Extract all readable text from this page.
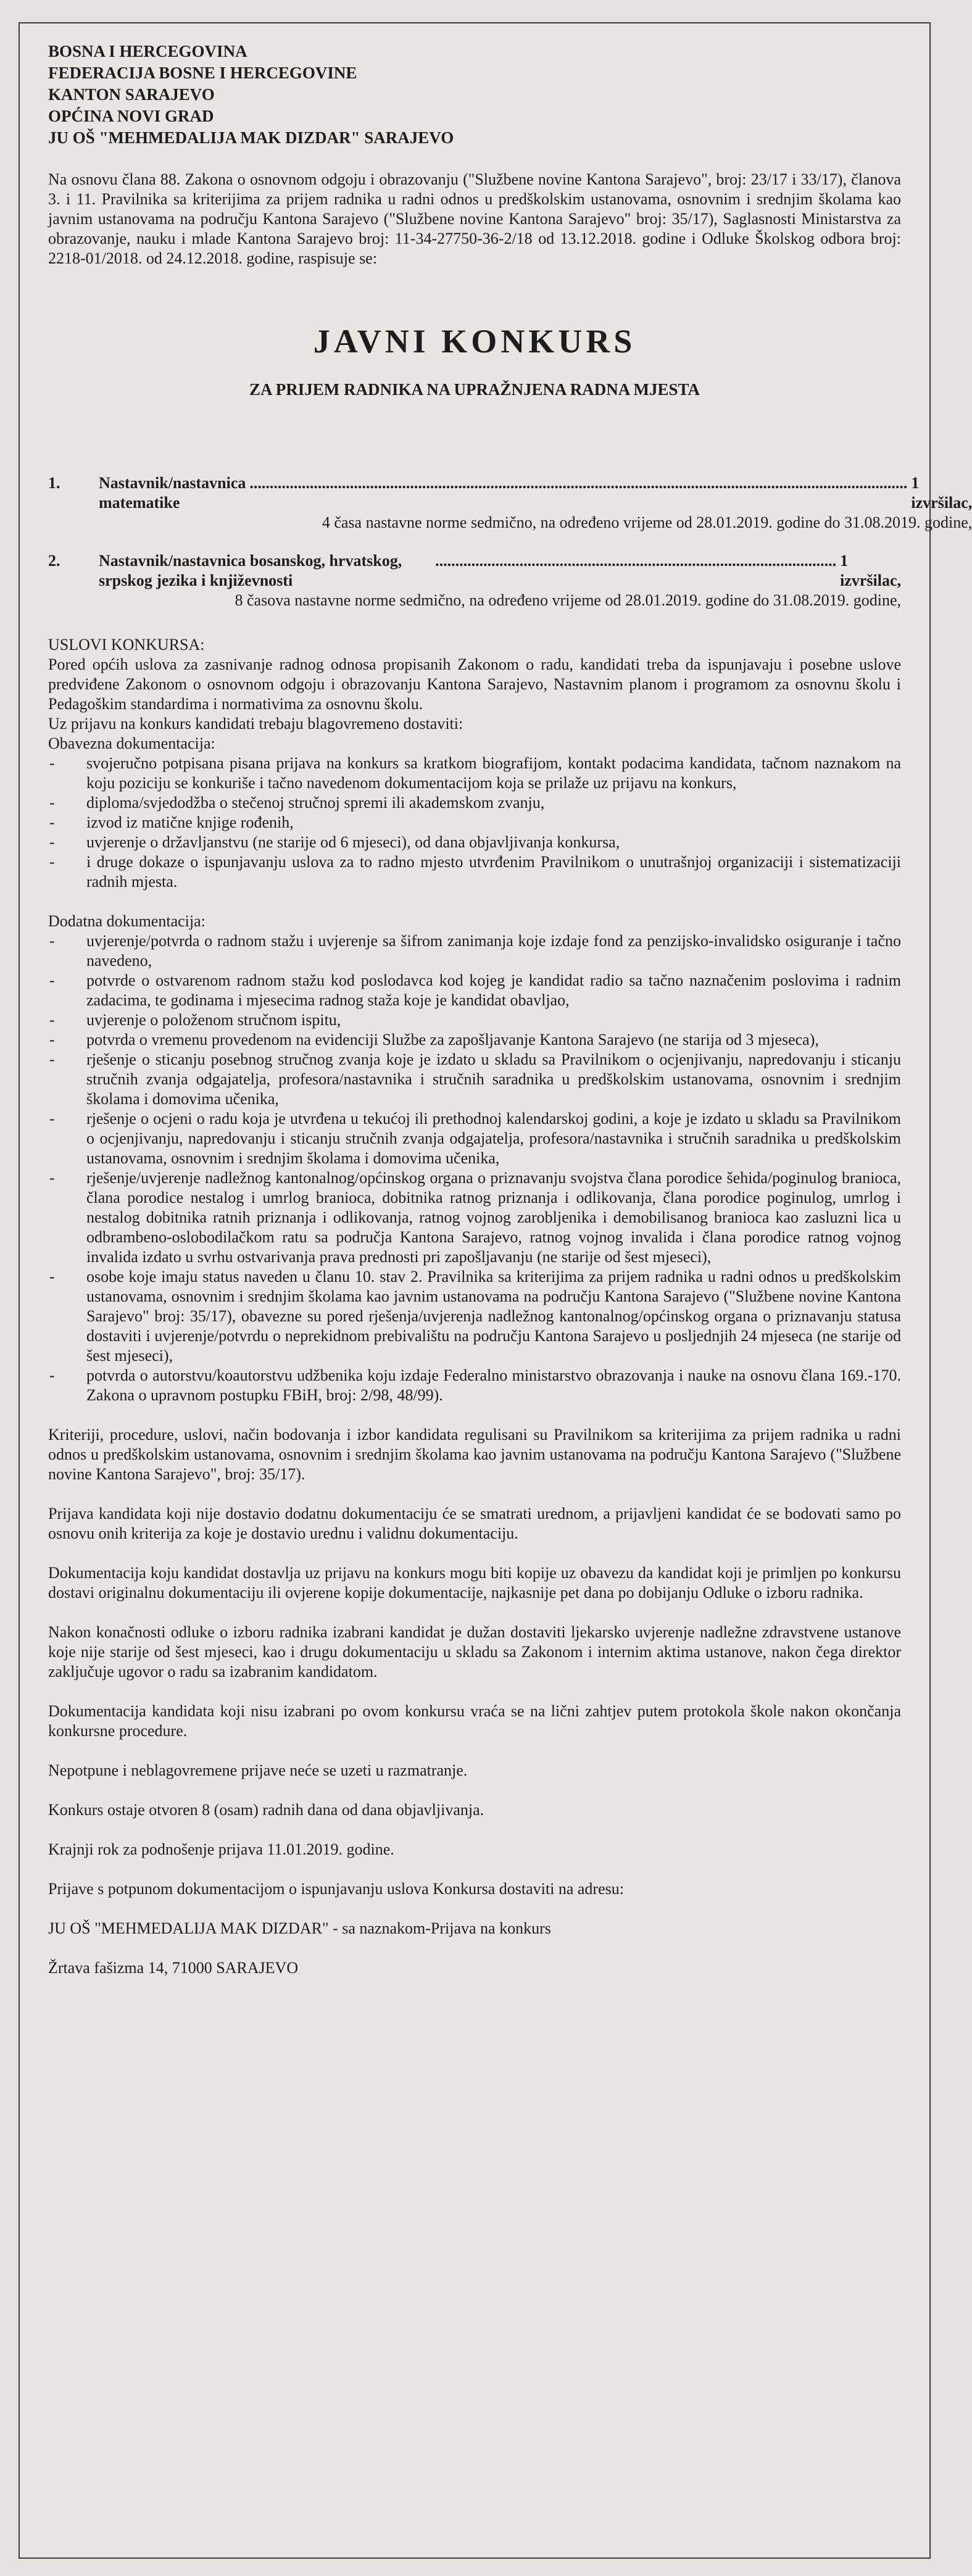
BOSNA I HERCEGOVINA
FEDERACIJA BOSNE I HERCEGOVINE
KANTON SARAJEVO
OPĆINA NOVI GRAD
JU OŠ "MEHMEDALIJA MAK DIZDAR" SARAJEVO

Na osnovu člana 88. Zakona o osnovnom odgoju i obrazovanju ("Službene novine Kantona Sarajevo", broj: 23/17 i 33/17), članova 3. i 11. Pravilnika sa kriterijima za prijem radnika u radni odnos u predškolskim ustanovama, osnovnim i srednjim školama kao javnim ustanovama na području Kantona Sarajevo ("Službene novine Kantona Sarajevo" broj: 35/17), Saglasnosti Ministarstva za obrazovanje, nauku i mlade Kantona Sarajevo broj: 11-34-27750-36-2/18 od 13.12.2018. godine i Odluke Školskog odbora broj: 2218-01/2018. od 24.12.2018. godine, raspisuje se:

JAVNI KONKURS
ZA PRIJEM RADNIKA NA UPRAŽNJENA RADNA MJESTA
1.	Nastavnik/nastavnica matematike
.................................................................................................................................................................... 1 izvršilac,
4 časa nastavne norme sedmično, na određeno vrijeme od 28.01.2019. godine do 31.08.2019. godine,
2.	Nastavnik/nastavnica bosanskog, hrvatskog, srpskog jezika i književnosti
.................................................................................................... 1 izvršilac,
8 časova nastavne norme sedmično, na određeno vrijeme od 28.01.2019. godine do 31.08.2019. godine,
USLOVI KONKURSA:

Pored općih uslova za zasnivanje radnog odnosa propisanih Zakonom o radu, kandidati treba da ispunjavaju i posebne uslove predviđene Zakonom o osnovnom odgoju i obrazovanju Kantona Sarajevo, Nastavnim planom i programom za osnovnu školu i Pedagoškim standardima i normativima za osnovnu školu.

Uz prijavu na konkurs kandidati trebaju blagovremeno dostaviti:
Obavezna dokumentacija:
- svojeručno potpisana pisana prijava na konkurs sa kratkom biografijom, kontakt podacima kandidata, tačnom naznakom na koju poziciju se konkuriše i tačno navedenom dokumentacijom koja se prilaže uz prijavu na konkurs,
- diploma/svjedodžba o stečenoj stručnoj spremi ili akademskom zvanju,
- izvod iz matične knjige rođenih,
- uvjerenje o državljanstvu (ne starije od 6 mjeseci), od dana objavljivanja konkursa,
- i druge dokaze o ispunjavanju uslova za to radno mjesto utvrđenim Pravilnikom o unutrašnjoj organizaciji i sistematizaciji radnih mjesta.
Dodatna dokumentacija:
- uvjerenje/potvrda o radnom stažu i uvjerenje sa šifrom zanimanja koje izdaje fond za penzijsko-invalidsko osiguranje i tačno navedeno,
- potvrde o ostvarenom radnom stažu kod poslodavca kod kojeg je kandidat radio sa tačno naznačenim poslovima i radnim zadacima, te godinama i mjesecima radnog staža koje je kandidat obavljao,
- uvjerenje o položenom stručnom ispitu,
- potvrda o vremenu provedenom na evidenciji Službe za zapošljavanje Kantona Sarajevo (ne starija od 3 mjeseca),
- rješenje o sticanju posebnog stručnog zvanja koje je izdato u skladu sa Pravilnikom o ocjenjivanju, napredovanju i sticanju stručnih zvanja odgajatelja, profesora/nastavnika i stručnih saradnika u predškolskim ustanovama, osnovnim i srednjim školama i domovima učenika,
- rješenje o ocjeni o radu koja je utvrđena u tekućoj ili prethodnoj kalendarskoj godini, a koje je izdato u skladu sa Pravilnikom o ocjenjivanju, napredovanju i sticanju stručnih zvanja odgajatelja, profesora/nastavnika i stručnih saradnika u predškolskim ustanovama, osnovnim i srednjim školama i domovima učenika,
- rješenje/uvjerenje nadležnog kantonalnog/općinskog organa o priznavanju svojstva člana porodice šehida/poginulog branioca, člana porodice nestalog i umrlog branioca, dobitnika ratnog priznanja i odlikovanja, člana porodice poginulog, umrlog i nestalog dobitnika ratnih priznanja i odlikovanja, ratnog vojnog zarobljenika i demobilisanog branioca kao zasluzni lica u odbrambeno-oslobodilačkom ratu sa područja Kantona Sarajevo, ratnog vojnog invalida i člana porodice ratnog vojnog invalida izdato u svrhu ostvarivanja prava prednosti pri zapošljavanju (ne starije od šest mjeseci),
- osobe koje imaju status naveden u članu 10. stav 2. Pravilnika sa kriterijima za prijem radnika u radni odnos u predškolskim ustanovama, osnovnim i srednjim školama kao javnim ustanovama na području Kantona Sarajevo ("Službene novine Kantona Sarajevo" broj: 35/17), obavezne su pored rješenja/uvjerenja nadležnog kantonalnog/općinskog organa o priznavanju statusa dostaviti i uvjerenje/potvrdu o neprekidnom prebivalištu na području Kantona Sarajevo u posljednjih 24 mjeseca (ne starije od šest mjeseci),
- potvrda o autorstvu/koautorstvu udžbenika koju izdaje Federalno ministarstvo obrazovanja i nauke na osnovu člana 169.-170. Zakona o upravnom postupku FBiH, broj: 2/98, 48/99).

Kriteriji, procedure, uslovi, način bodovanja i izbor kandidata regulisani su Pravilnikom sa kriterijima za prijem radnika u radni odnos u predškolskim ustanovama, osnovnim i srednjim školama kao javnim ustanovama na području Kantona Sarajevo ("Službene novine Kantona Sarajevo", broj: 35/17).

Prijava kandidata koji nije dostavio dodatnu dokumentaciju će se smatrati urednom, a prijavljeni kandidat će se bodovati samo po osnovu onih kriterija za koje je dostavio urednu i validnu dokumentaciju.

Dokumentacija koju kandidat dostavlja uz prijavu na konkurs mogu biti kopije uz obavezu da kandidat koji je primljen po konkursu dostavi originalnu dokumentaciju ili ovjerene kopije dokumentacije, najkasnije pet dana po dobijanju Odluke o izboru radnika.

Nakon konačnosti odluke o izboru radnika izabrani kandidat je dužan dostaviti ljekarsko uvjerenje nadležne zdravstvene ustanove koje nije starije od šest mjeseci, kao i drugu dokumentaciju u skladu sa Zakonom i internim aktima ustanove, nakon čega direktor zaključuje ugovor o radu sa izabranim kandidatom.

Dokumentacija kandidata koji nisu izabrani po ovom konkursu vraća se na lični zahtjev putem protokola škole nakon okončanja konkursne procedure.

Nepotpune i neblagovremene prijave neće se uzeti u razmatranje.

Konkurs ostaje otvoren 8 (osam) radnih dana od dana objavljivanja.

Krajnji rok za podnošenje prijava 11.01.2019. godine.

Prijave s potpunom dokumentacijom o ispunjavanju uslova Konkursa dostaviti na adresu:

JU OŠ "MEHMEDALIJA MAK DIZDAR" - sa naznakom-Prijava na konkurs
Žrtava fašizma 14, 71000 SARAJEVO
